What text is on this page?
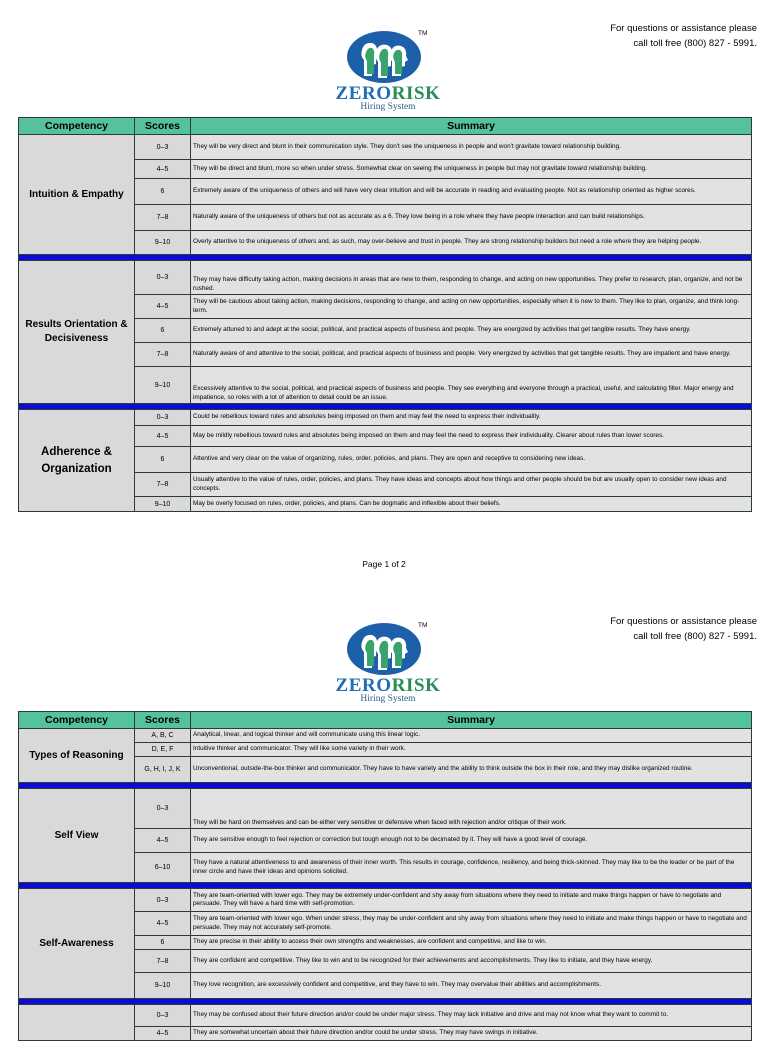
For questions or assistance please
call toll free (800) 827 - 5991.
TM
ZERORISK
Hiring System
Competency	Scores	Summary
Intuition & Empathy	0–3	They will be very direct and blunt in their communication style. They don't see the uniqueness in people and won't gravitate toward relationship building.
	4–5	They will be direct and blunt, more so when under stress. Somewhat clear on seeing the uniqueness in people but may not gravitate toward relationship building.
	6	Extremely aware of the uniqueness of others and will have very clear intuition and will be accurate in reading and evaluating people. Not as relationship oriented as higher scores.
	7–8	Naturally aware of the uniqueness of others but not as accurate as a 6. They love being in a role where they have people interaction and can build relationships.
	9–10	Overly attentive to the uniqueness of others and, as such, may over-believe and trust in people. They are strong relationship builders but need a role where they are helping people.

Results Orientation & Decisiveness	0–3	They may have difficulty taking action, making decisions in areas that are new to them, responding to change, and acting on new opportunities. They prefer to research, plan, organize, and not be rushed.
	4–5	They will be cautious about taking action, making decisions, responding to change, and acting on new opportunities, especially when it is new to them. They like to plan, organize, and think long-term.
	6	Extremely attuned to and adept at the social, political, and practical aspects of business and people. They are energized by activities that get tangible results. They have energy.
	7–8	Naturally aware of and attentive to the social, political, and practical aspects of business and people. Very energized by activities that get tangible results. They are impatient and have energy.
	9–10	Excessively attentive to the social, political, and practical aspects of business and people. They see everything and everyone through a practical, useful, and calculating filter. Major energy and impatience, so roles with a lot of attention to detail could be an issue.

Adherence & Organization	0–3	Could be rebellious toward rules and absolutes being imposed on them and may feel the need to express their individuality.
	4–5	May be mildly rebellious toward rules and absolutes being imposed on them and may feel the need to express their individuality. Clearer about rules than lower scores.
	6	Attentive and very clear on the value of organizing, rules, order, policies, and plans. They are open and receptive to considering new ideas.
	7–8	Usually attentive to the value of rules, order, policies, and plans. They have ideas and concepts about how things and other people should be but are usually open to consider new ideas and concepts.
	9–10	May be overly focused on rules, order, policies, and plans. Can be dogmatic and inflexible about their beliefs.
Page 1 of 2
For questions or assistance please
call toll free (800) 827 - 5991.
TM
ZERORISK
Hiring System
Competency	Scores	Summary
Types of Reasoning	A, B, C	Analytical, linear, and logical thinker and will communicate using this linear logic.
	D, E, F	Intuitive thinker and communicator. They will like some variety in their work.
	G, H, I, J, K	Unconventional, outside-the-box thinker and communicator. They have to have variety and the ability to think outside the box in their role, and they may dislike organized routine.

Self View	0–3	They will be hard on themselves and can be either very sensitive or defensive when faced with rejection and/or critique of their work.
	4–5	They are sensitive enough to feel rejection or correction but tough enough not to be decimated by it. They will have a good level of courage.
	6–10	They have a natural attentiveness to and awareness of their inner worth. This results in courage, confidence, resiliency, and being thick-skinned. They may like to be the leader or be part of the inner circle and have their ideas and opinions solicited.

Self-Awareness	0–3	They are team-oriented with lower ego. They may be extremely under-confident and shy away from situations where they need to initiate and make things happen or have to negotiate and persuade. They will have a hard time with self-promotion.
	4–5	They are team-oriented with lower ego. When under stress, they may be under-confident and shy away from situations where they need to initiate and make things happen or have to negotiate and persuade. They may not accurately self-promote.
	6	They are precise in their ability to access their own strengths and weaknesses, are confident and competitive, and like to win.
	7–8	They are confident and competitive. They like to win and to be recognized for their achievements and accomplishments. They like to initiate, and they have energy.
	9–10	They love recognition, are excessively confident and competitive, and they have to win. They may overvalue their abilities and accomplishments.

	0–3	They may be confused about their future direction and/or could be under major stress. They may lack initiative and drive and may not know what they want to commit to.
	4–5	They are somewhat uncertain about their future direction and/or could be under stress. They may have swings in initiative.
